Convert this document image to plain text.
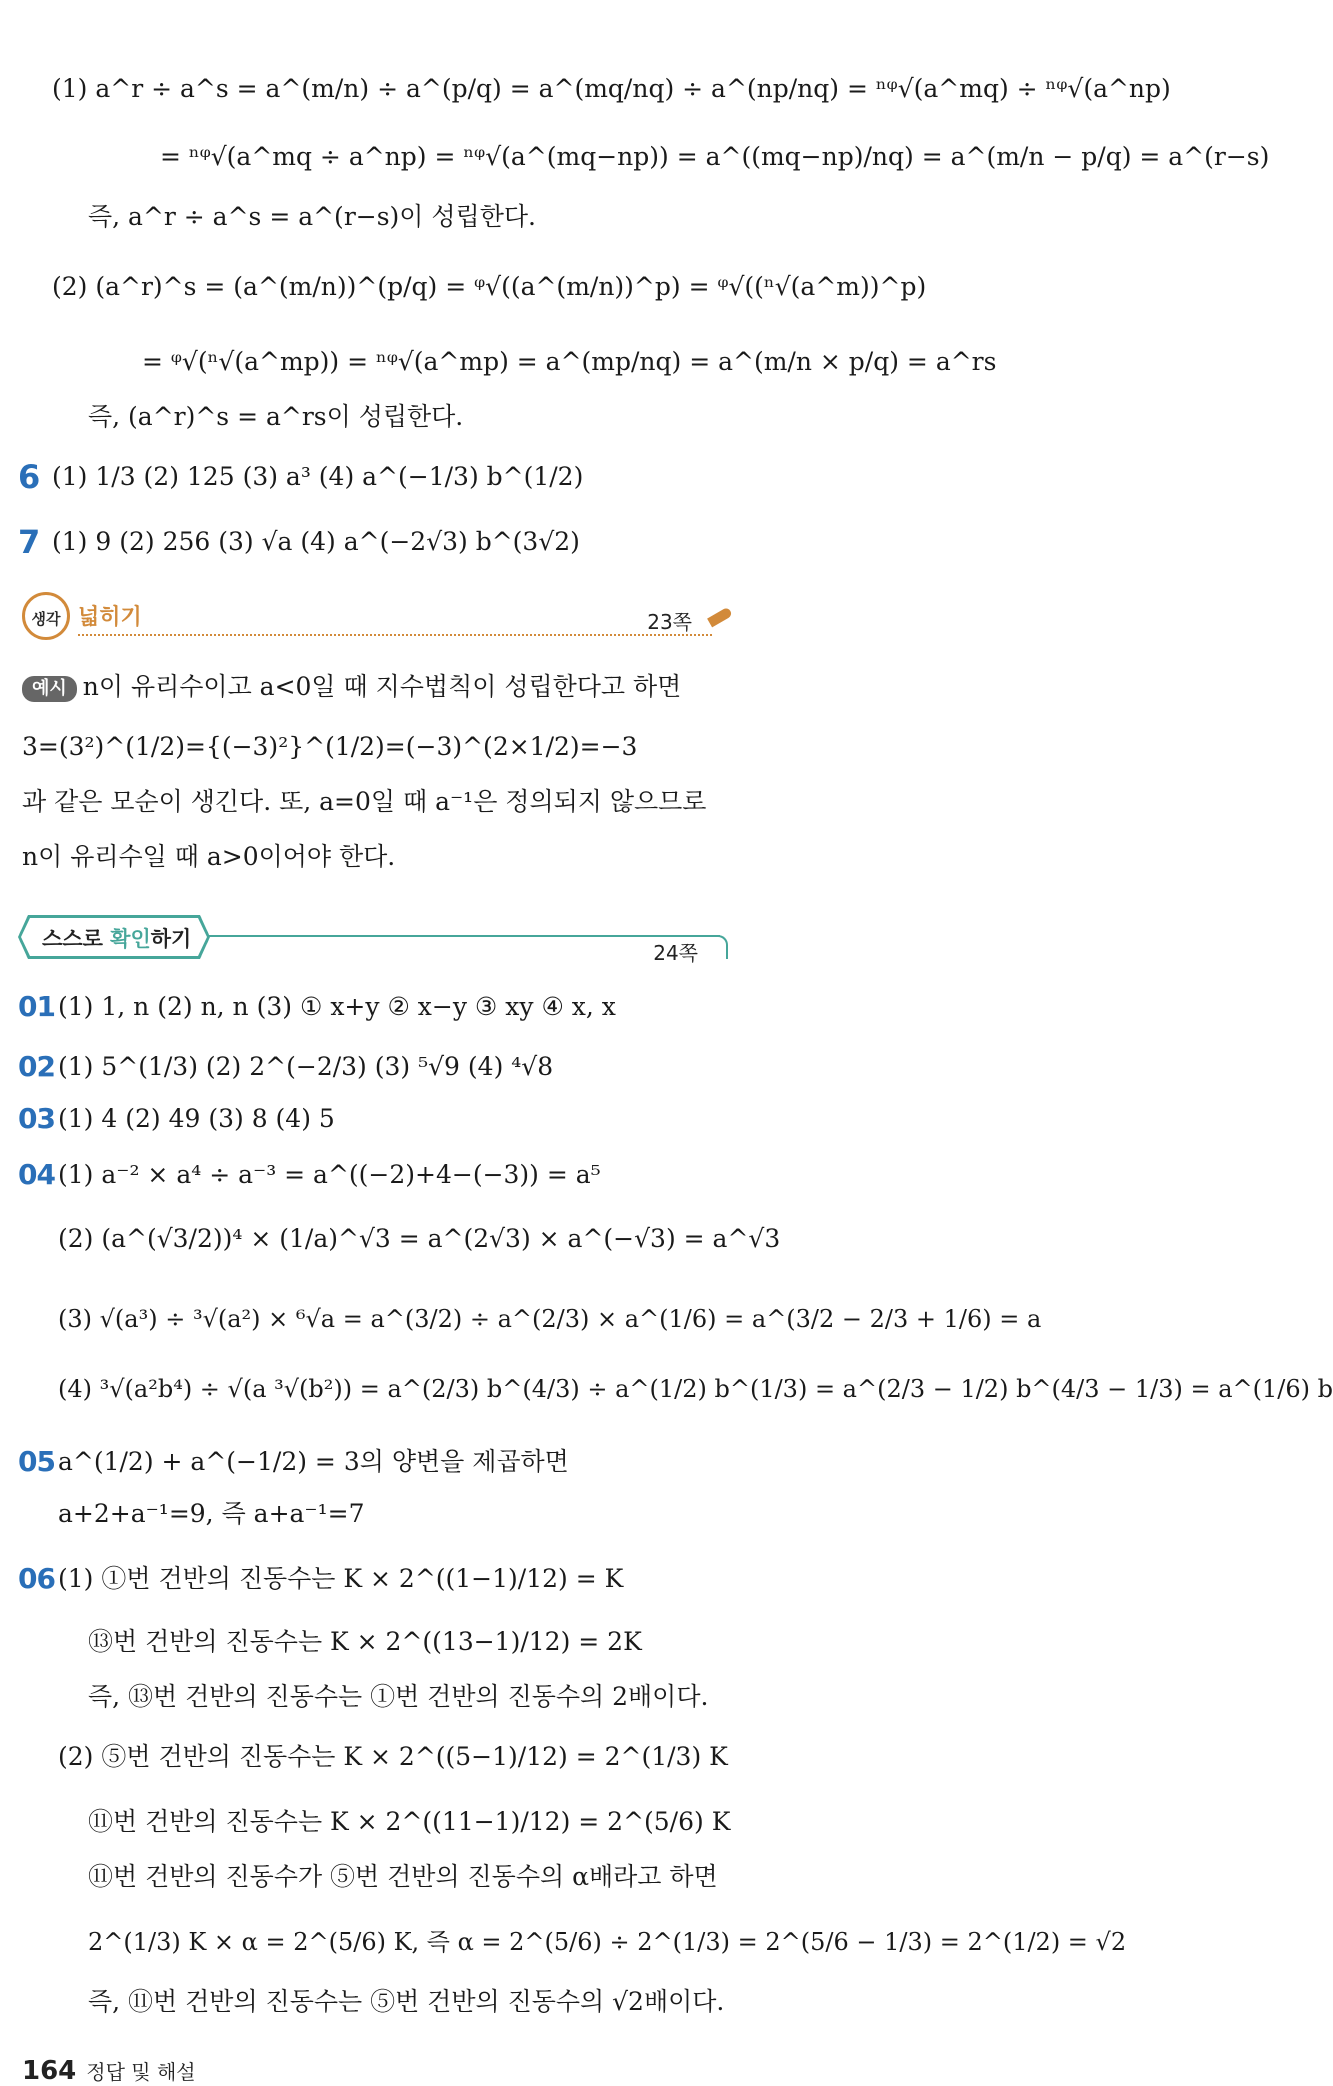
(1) a^r ÷ a^s = a^(m/n) ÷ a^(p/q) = a^(mq/nq) ÷ a^(np/nq) = ⁿᵠ√(a^mq) ÷ ⁿᵠ√(a^np)
= ⁿᵠ√(a^mq ÷ a^np) = ⁿᵠ√(a^(mq−np)) = a^((mq−np)/nq) = a^(m/n − p/q) = a^(r−s)
즉, a^r ÷ a^s = a^(r−s)이 성립한다.
(2) (a^r)^s = (a^(m/n))^(p/q) = ᵠ√((a^(m/n))^p) = ᵠ√((ⁿ√(a^m))^p)
= ᵠ√(ⁿ√(a^mp)) = ⁿᵠ√(a^mp) = a^(mp/nq) = a^(m/n × p/q) = a^rs
즉, (a^r)^s = a^rs이 성립한다.
6 (1) 1/3 (2) 125 (3) a³ (4) a^(−1/3) b^(1/2)
7 (1) 9 (2) 256 (3) √a (4) a^(−2√3) b^(3√2)
생각 넓히기	23쪽
예시 n이 유리수이고 a<0일 때 지수법칙이 성립한다고 하면
3=(3²)^(1/2)={(−3)²}^(1/2)=(−3)^(2×1/2)=−3
과 같은 모순이 생긴다. 또, a=0일 때 a⁻¹은 정의되지 않으므로
n이 유리수일 때 a>0이어야 한다.
스스로 확인하기
24쪽
01 (1) 1, n (2) n, n (3) ① x+y ② x−y ③ xy ④ x, x
02 (1) 5^(1/3) (2) 2^(−2/3) (3) ⁵√9 (4) ⁴√8
03 (1) 4 (2) 49 (3) 8 (4) 5
04 (1) a⁻² × a⁴ ÷ a⁻³ = a^((−2)+4−(−3)) = a⁵
(2) (a^(√3/2))⁴ × (1/a)^√3 = a^(2√3) × a^(−√3) = a^√3
(3) √(a³) ÷ ³√(a²) × ⁶√a = a^(3/2) ÷ a^(2/3) × a^(1/6) = a^(3/2 − 2/3 + 1/6) = a
(4) ³√(a²b⁴) ÷ √(a ³√(b²)) = a^(2/3) b^(4/3) ÷ a^(1/2) b^(1/3) = a^(2/3 − 1/2) b^(4/3 − 1/3) = a^(1/6) b
05 a^(1/2) + a^(−1/2) = 3의 양변을 제곱하면
a+2+a⁻¹=9, 즉 a+a⁻¹=7
06 (1) ①번 건반의 진동수는 K × 2^((1−1)/12) = K
⑬번 건반의 진동수는 K × 2^((13−1)/12) = 2K
즉, ⑬번 건반의 진동수는 ①번 건반의 진동수의 2배이다.
(2) ⑤번 건반의 진동수는 K × 2^((5−1)/12) = 2^(1/3) K
⑪번 건반의 진동수는 K × 2^((11−1)/12) = 2^(5/6) K
⑪번 건반의 진동수가 ⑤번 건반의 진동수의 α배라고 하면
2^(1/3) K × α = 2^(5/6) K, 즉 α = 2^(5/6) ÷ 2^(1/3) = 2^(5/6 − 1/3) = 2^(1/2) = √2
즉, ⑪번 건반의 진동수는 ⑤번 건반의 진동수의 √2배이다.
164 정답 및 해설
